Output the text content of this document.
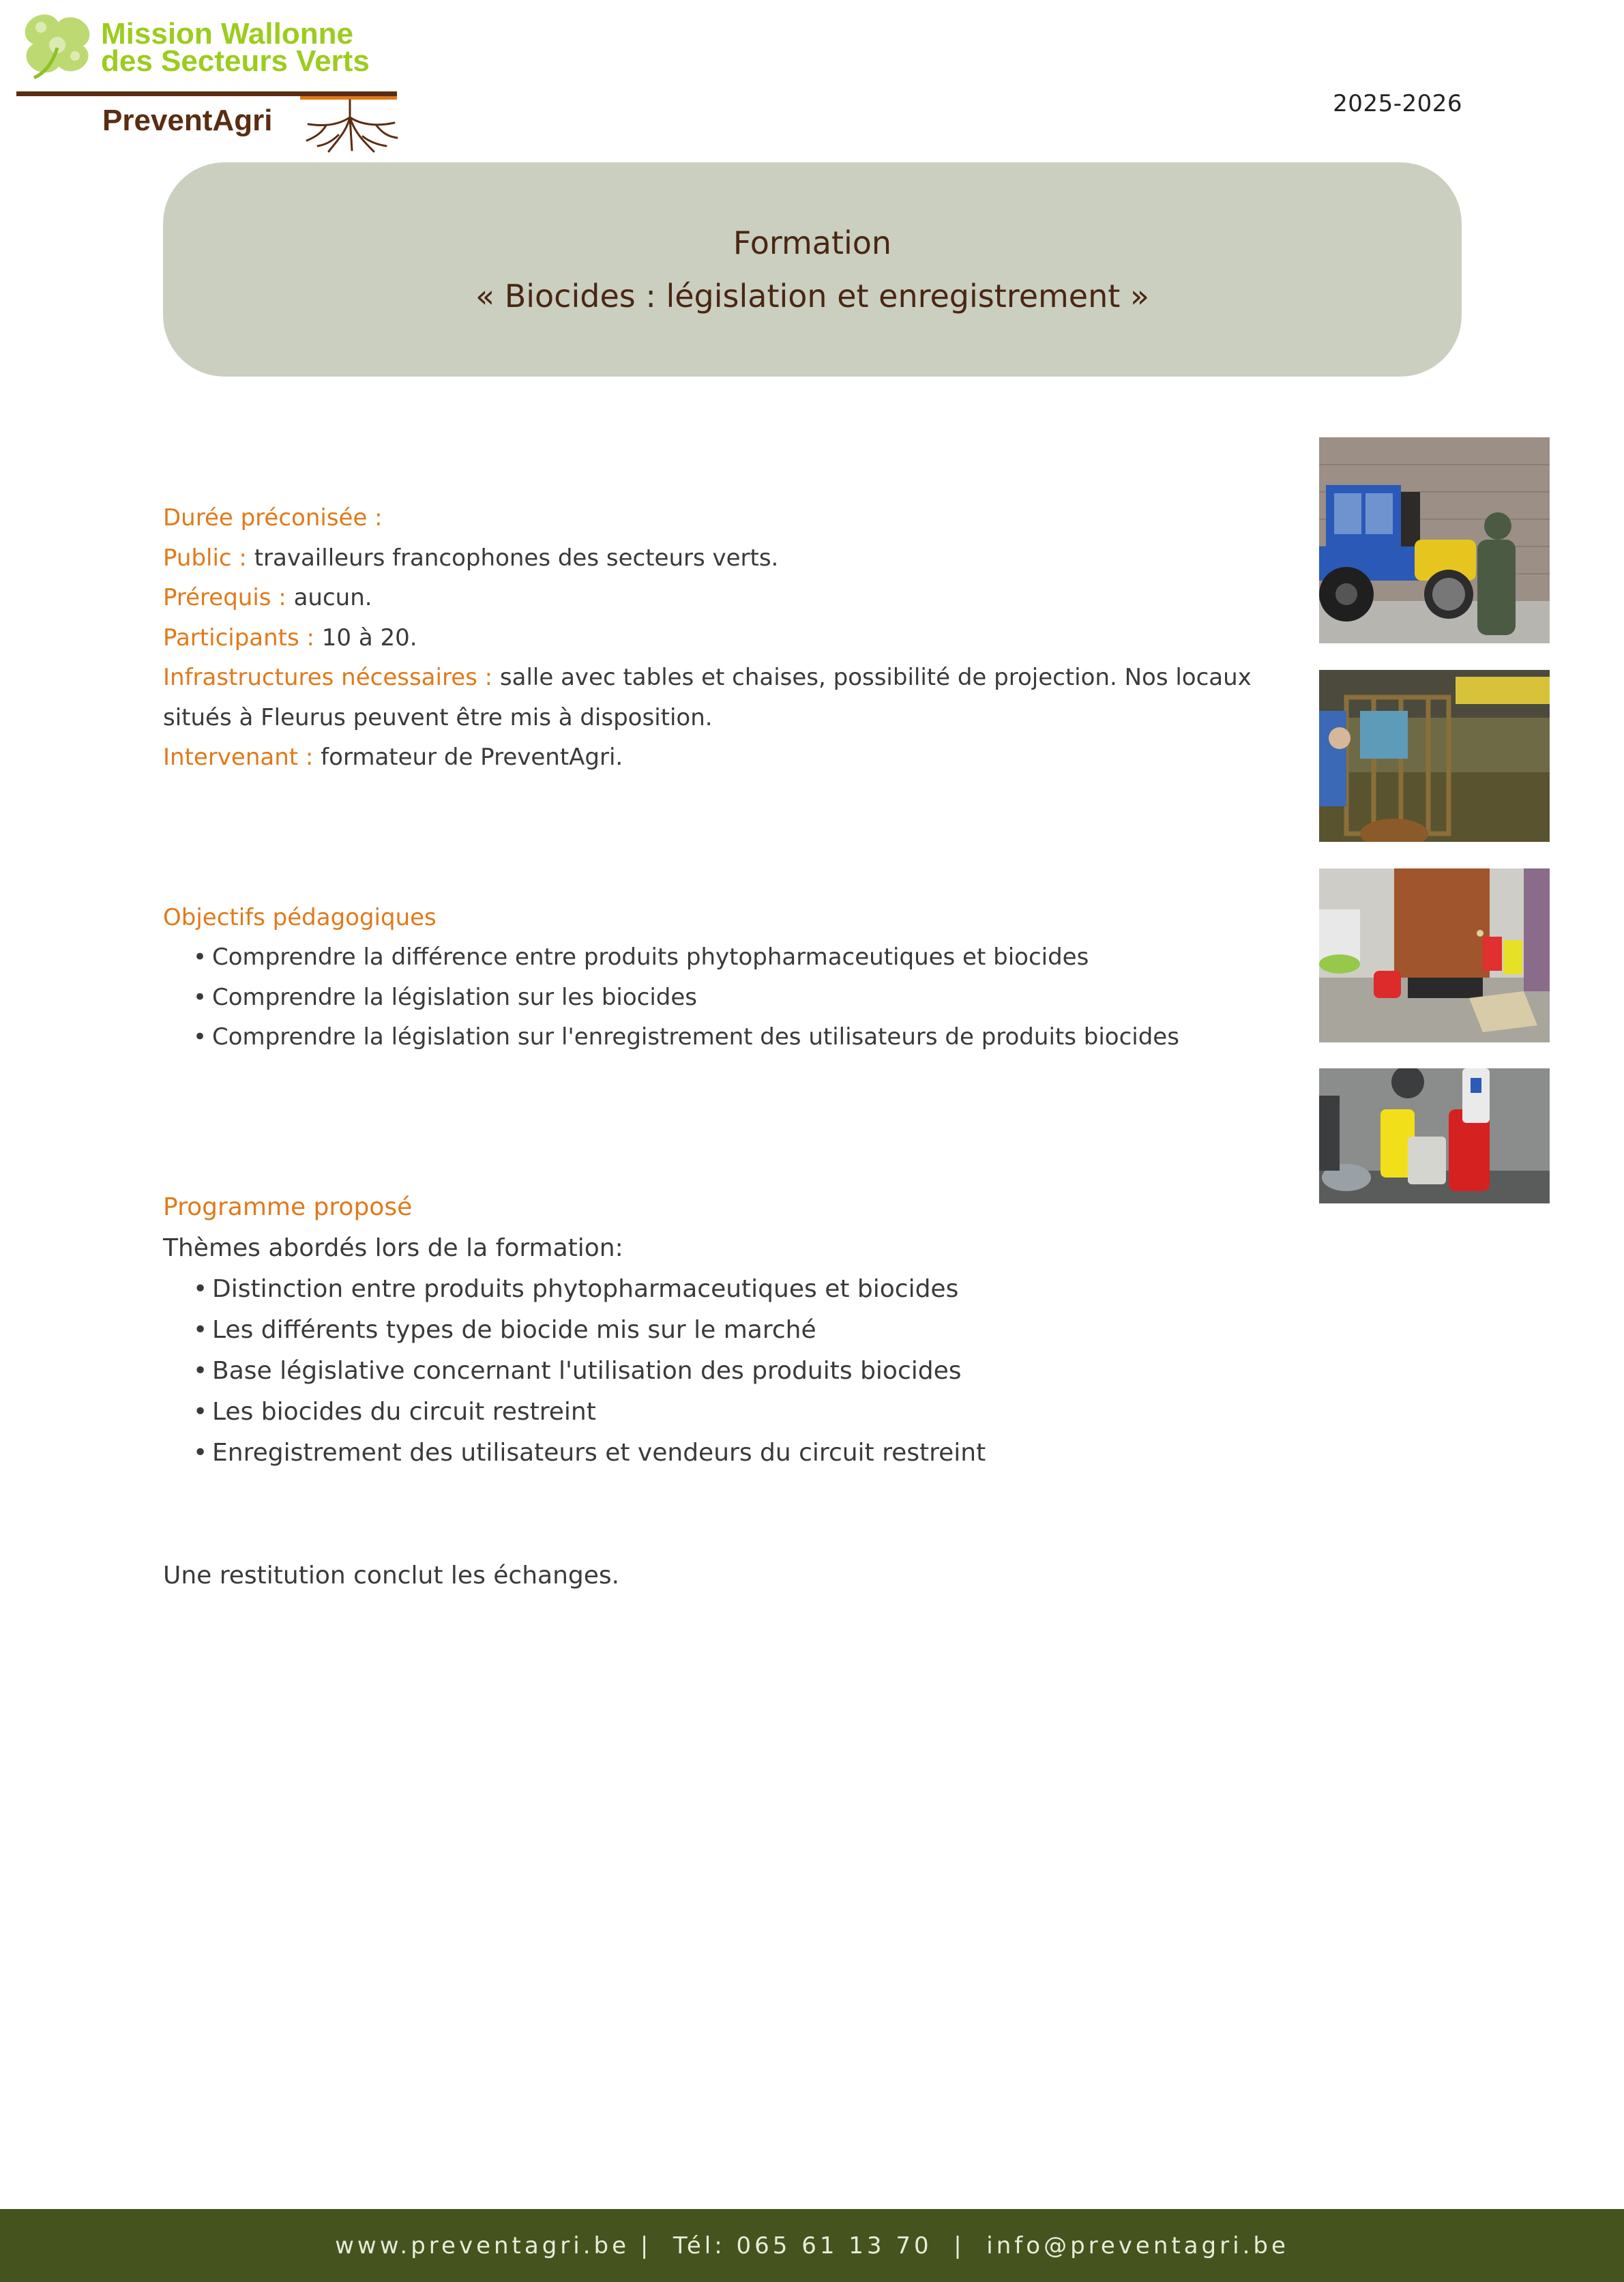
Mission Wallonne
des Secteurs Verts
PreventAgri	2025-2026
Formation
« Biocides : législation et enregistrement »
Durée préconisée :
Public : travailleurs francophones des secteurs verts.
Prérequis : aucun.
Participants : 10 à 20.
Infrastructures nécessaires : salle avec tables et chaises, possibilité de projection. Nos locaux situés à Fleurus peuvent être mis à disposition.
Intervenant : formateur de PreventAgri.
Objectifs pédagogiques
• Comprendre la différence entre produits phytopharmaceutiques et biocides
• Comprendre la législation sur les biocides
• Comprendre la législation sur l'enregistrement des utilisateurs de produits biocides
Programme proposé
Thèmes abordés lors de la formation:
• Distinction entre produits phytopharmaceutiques et biocides
• Les différents types de biocide mis sur le marché
• Base législative concernant l'utilisation des produits biocides
• Les biocides du circuit restreint
• Enregistrement des utilisateurs et vendeurs du circuit restreint
Une restitution conclut les échanges.
www.preventagri.be |  Tél: 065 61 13 70  |  info@preventagri.be
